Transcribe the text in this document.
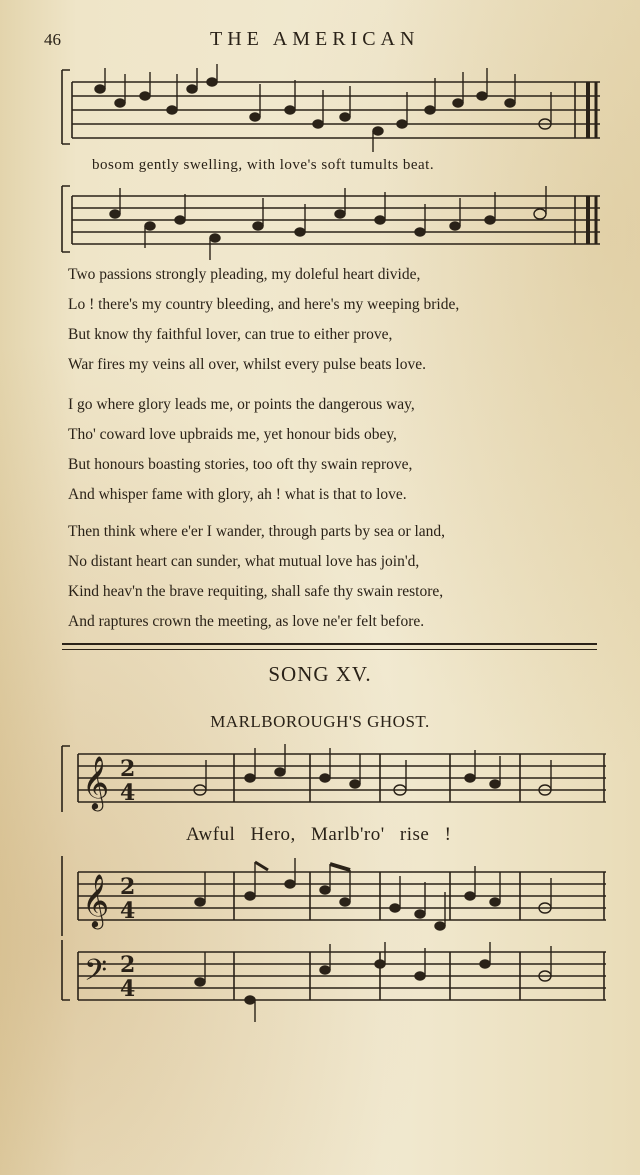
46	THE AMERICAN
bosom gently swelling, with love's soft tumults beat.
Two passions strongly pleading, my doleful heart divide,
Lo ! there's my country bleeding, and here's my weeping bride,
But know thy faithful lover, can true to either prove,
War fires my veins all over, whilst every pulse beats love.
I go where glory leads me, or points the dangerous way,
Tho' coward love upbraids me, yet honour bids obey,
But honours boasting stories, too oft thy swain reprove,
And whisper fame with glory, ah ! what is that to love.
Then think where e'er I wander, through parts by sea or land,
No distant heart can sunder, what mutual love has join'd,
Kind heav'n the brave requiting, shall safe thy swain restore,
And raptures crown the meeting, as love ne'er felt before.
SONG XV.
MARLBOROUGH'S GHOST.
𝄞 2
4
Awful Hero, Marlb'ro' rise !
𝄞 2
4
𝄢 2
4
